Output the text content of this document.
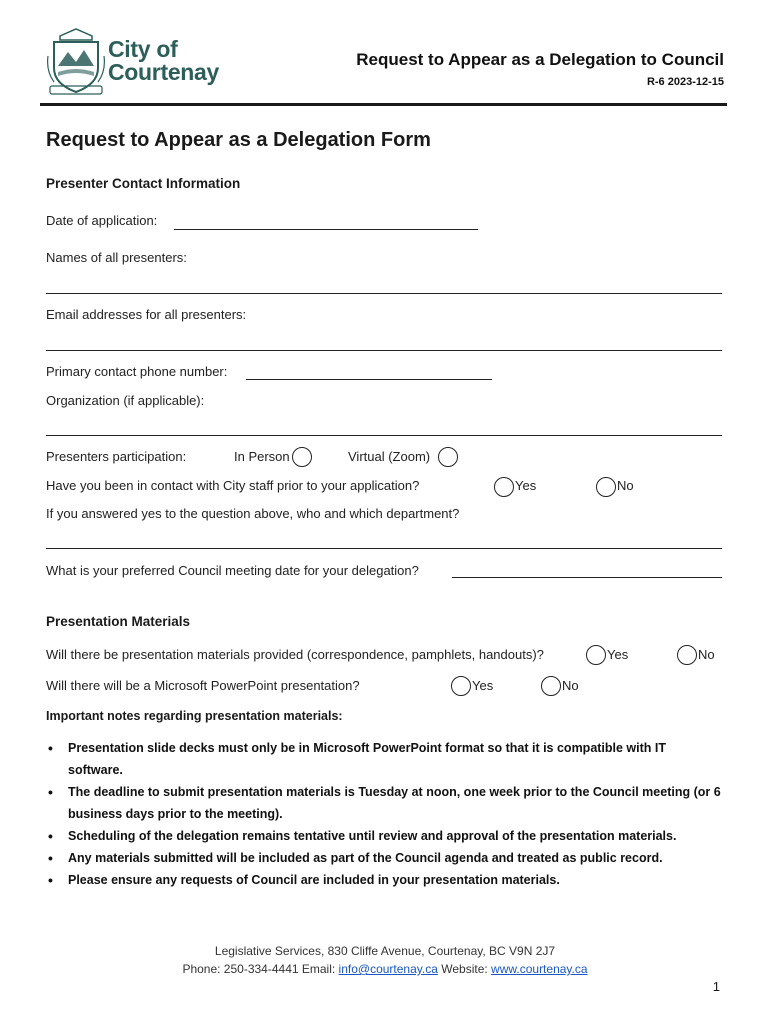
City of
Courtenay	Request to Appear as a Delegation to Council
R-6 2023-12-15
Request to Appear as a Delegation Form
Presenter Contact Information
Date of application:
Names of all presenters:
Email addresses for all presenters:
Primary contact phone number:
Organization (if applicable):
Presenters participation:	In Person	Virtual (Zoom)
Have you been in contact with City staff prior to your application?	Yes	No
If you answered yes to the question above, who and which department?
What is your preferred Council meeting date for your delegation?
Presentation Materials
Will there be presentation materials provided (correspondence, pamphlets, handouts)?	Yes	No
Will there will be a Microsoft PowerPoint presentation?	Yes	No
Important notes regarding presentation materials:
• Presentation slide decks must only be in Microsoft PowerPoint format so that it is compatible with IT software.
• The deadline to submit presentation materials is Tuesday at noon, one week prior to the Council meeting (or 6 business days prior to the meeting).
• Scheduling of the delegation remains tentative until review and approval of the presentation materials.
• Any materials submitted will be included as part of the Council agenda and treated as public record.
• Please ensure any requests of Council are included in your presentation materials.
Legislative Services, 830 Cliffe Avenue, Courtenay, BC V9N 2J7
Phone: 250-334-4441 Email: info@courtenay.ca Website: www.courtenay.ca
1
